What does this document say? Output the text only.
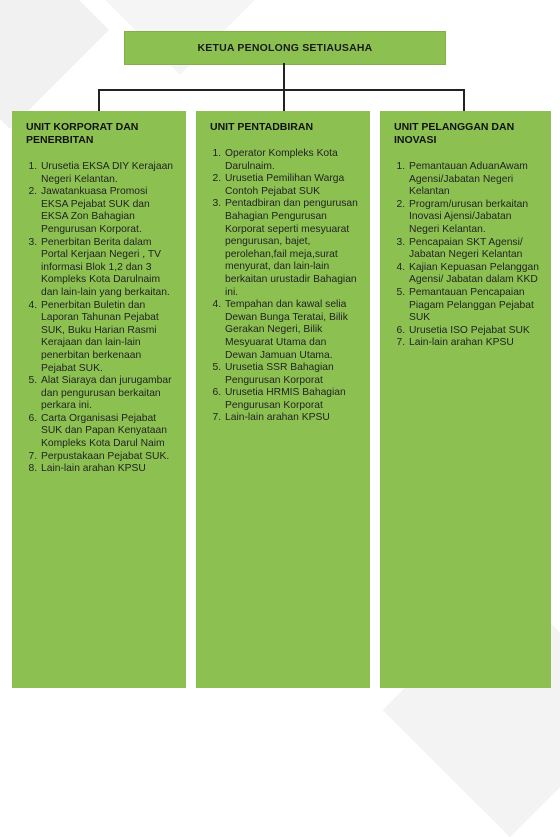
KETUA PENOLONG SETIAUSAHA
UNIT KORPORAT DAN PENERBITAN
1. Urusetia EKSA DIY Kerajaan Negeri Kelantan.
2. Jawatankuasa Promosi EKSA Pejabat SUK dan EKSA Zon Bahagian Pengurusan Korporat.
3. Penerbitan Berita dalam Portal Kerjaan Negeri , TV informasi Blok 1,2 dan 3 Kompleks Kota Darulnaim dan lain-lain yang berkaitan.
4. Penerbitan Buletin dan Laporan Tahunan Pejabat SUK, Buku Harian Rasmi Kerajaan dan lain-lain penerbitan berkenaan Pejabat SUK.
5. Alat Siaraya dan jurugambar dan pengurusan berkaitan perkara ini.
6. Carta Organisasi Pejabat SUK dan Papan Kenyataan Kompleks Kota Darul Naim
7. Perpustakaan Pejabat SUK.
8. Lain-lain arahan KPSU
UNIT PENTADBIRAN
1. Operator Kompleks Kota Darulnaim.
2. Urusetia Pemilihan Warga Contoh Pejabat SUK
3. Pentadbiran dan pengurusan Bahagian Pengurusan Korporat seperti mesyuarat pengurusan, bajet, perolehan,fail meja,surat menyurat, dan lain-lain berkaitan urustadir Bahagian ini.
4. Tempahan dan kawal selia Dewan Bunga Teratai, Bilik Gerakan Negeri, Bilik Mesyuarat Utama dan Dewan Jamuan Utama.
5. Urusetia SSR Bahagian Pengurusan Korporat
6. Urusetia HRMIS Bahagian Pengurusan Korporat
7. Lain-lain arahan KPSU
UNIT PELANGGAN DAN INOVASI
1. Pemantauan AduanAwam Agensi/Jabatan Negeri Kelantan
2. Program/urusan berkaitan Inovasi Ajensi/Jabatan Negeri Kelantan.
3. Pencapaian SKT Agensi/ Jabatan Negeri Kelantan
4. Kajian Kepuasan Pelanggan Agensi/ Jabatan dalam KKD
5. Pemantauan Pencapaian Piagam Pelanggan Pejabat SUK
6. Urusetia ISO Pejabat SUK
7. Lain-lain arahan KPSU
